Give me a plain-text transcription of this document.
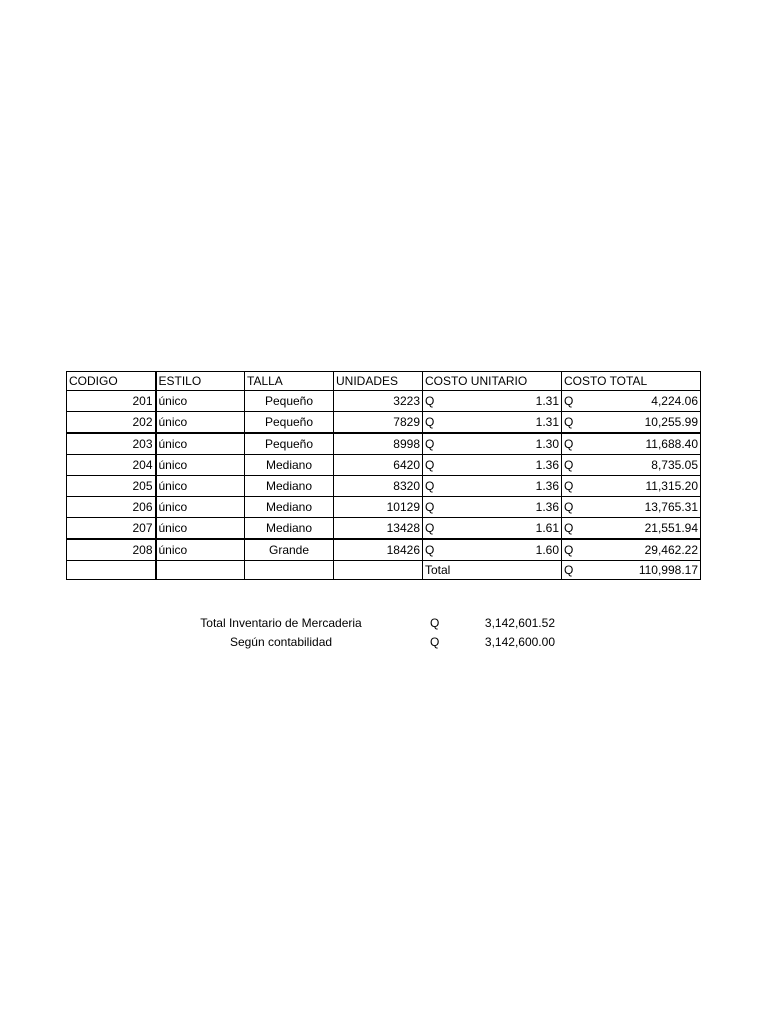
CODIGO	ESTILO	TALLA	UNIDADES	COSTO UNITARIO	COSTO TOTAL
201	único	Pequeño	3223	Q 1.31	Q 4,224.06

202	único	Pequeño	7829	Q 1.31	Q 10,255.99

203	único	Pequeño	8998	Q 1.30	Q 11,688.40

204	único	Mediano	6420	Q 1.36	Q 8,735.05

205	único	Mediano	8320	Q 1.36	Q 11,315.20

206	único	Mediano	10129	Q 1.36	Q 13,765.31

207	único	Mediano	13428	Q 1.61	Q 21,551.94

208	único	Grande	18426	Q 1.60	Q 29,462.22

				Total	Q 110,998.17
Total Inventario de Mercaderia	Q	3,142,601.52
Según contabilidad	Q	3,142,600.00
